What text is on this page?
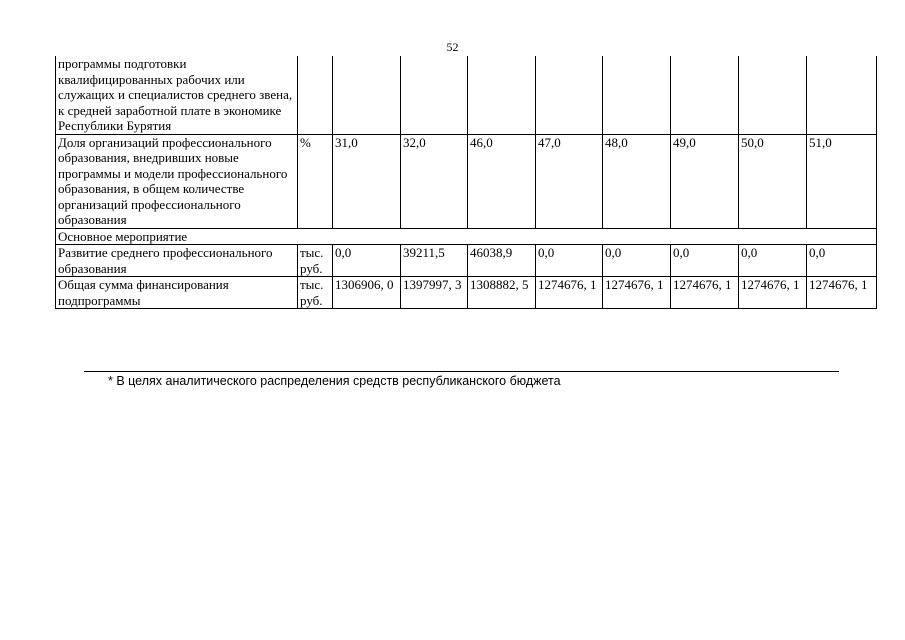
52
программы подготовки квалифицированных рабочих или служащих и специалистов среднего звена, к средней заработной плате в экономике Республики Бурятия									
Доля организаций профессионального образования, внедривших новые программы и модели профессионального образования, в общем количестве организаций профессионального образования	%	31,0	32,0	46,0	47,0	48,0	49,0	50,0	51,0
Основное мероприятие									
Развитие среднего профессионального образования	тыс. руб.	0,0	39211,5	46038,9	0,0	0,0	0,0	0,0	0,0
Общая сумма финансирования подпрограммы	тыс. руб.	1306906, 0	1397997, 3	1308882, 5	1274676, 1	1274676, 1	1274676, 1	1274676, 1	1274676, 1
* В целях аналитического распределения средств республиканского бюджета
